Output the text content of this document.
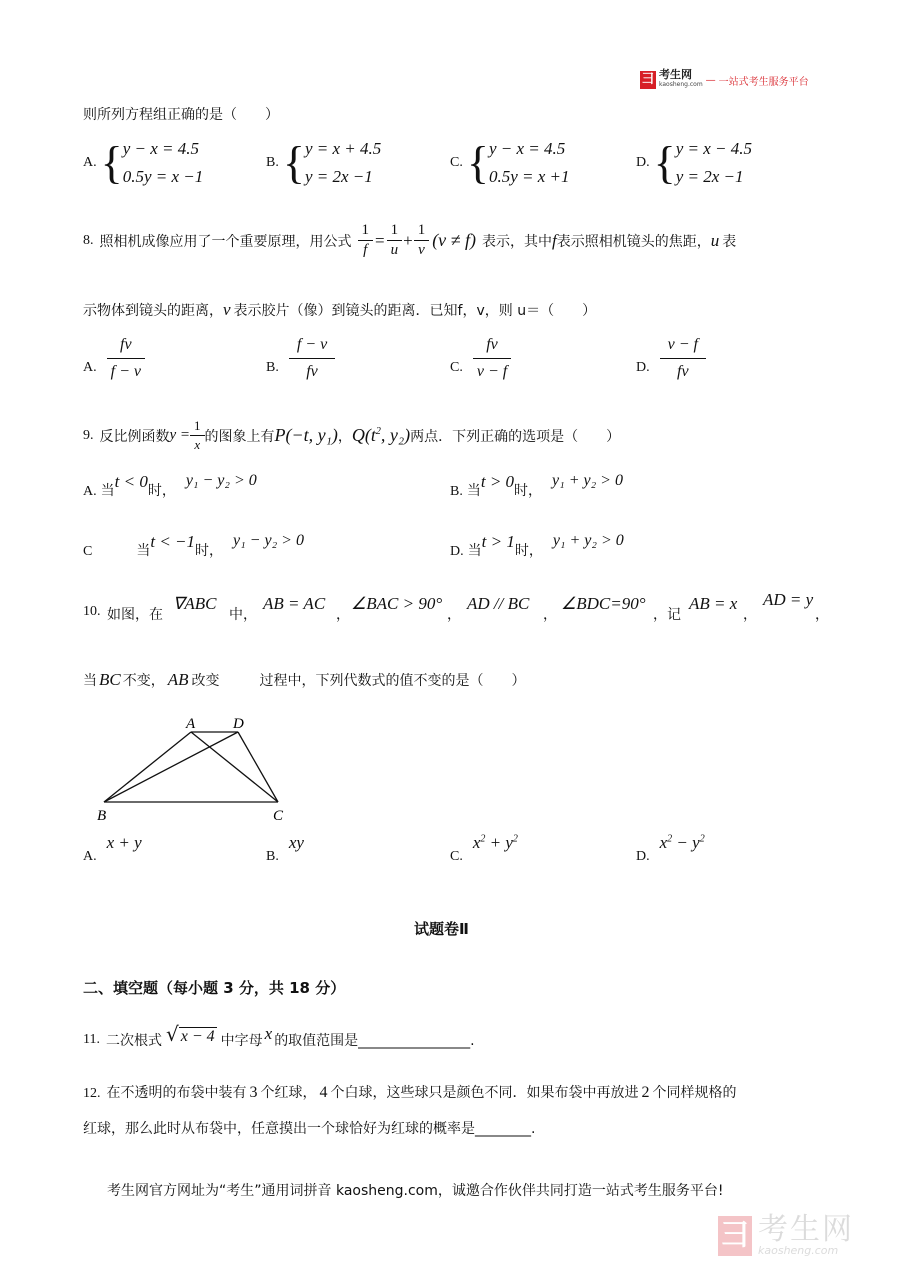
彐 考生网
kaosheng.com — 一站式考生服务平台
则所列方程组正确的是（　　）
A. { y − x = 4.5
0.5y = x −1
B. { y = x + 4.5
y = 2x −1
C. { y − x = 4.5
0.5y = x +1
D. { y = x − 4.5
y = 2x −1
8. 照相机成像应用了一个重要原理，用公式 $\frac{1}{f} = \frac{1}{u} + \frac{1}{v} (v \ne f)$ 表示，其中 f 表示照相机镜头的焦距， u 表
示物体到镜头的距离， v 表示胶片（像）到镜头的距离．已知 f，v，则 u＝（　　）
A. $\frac{fv}{f - v}$	B. $\frac{f - v}{fv}$	C. $\frac{fv}{v - f}$	D. $\frac{v - f}{fv}$
9. 反比例函数 $y = \frac{1}{x}$ 的图象上有 P(−t, y₁) ， $Q(t^2$, y₂) 两点．下列正确的选项是（　　）
A. 当 t < 0 时，
y₁ − y₂ > 0
B. 当 t > 0 时，
y₁ + y₂ > 0
C	当 t < −1 时，
y₁ − y₂ > 0
D. 当 t > 1 时，
y₁ + y₂ > 0
10. 如图，在
∇ABC
中，
AB = AC
，
∠BAC > 90°
，
AD // BC
，
∠BDC=90°
，记
AB = x
，
AD = y
，
当 BC 不变， AB 改变	过程中，下列代数式的值不变的是（　　）
A	D
B	C
A.
x + y
B.
xy
C.
$x^2 + y^2$
D.
$x^2 - y^2$
试题卷Ⅱ
二、填空题（每小题 3 分，共 18 分）
11. 二次根式 √ x − 4 中字母 x 的取值范围是________________.
12. 在不透明的布袋中装有 3 个红球， 4 个白球，这些球只是颜色不同．如果布袋中再放进 2 个同样规格的
红球，那么此时从布袋中，任意摸出一个球恰好为红球的概率是________.
考生网官方网址为“考生”通用词拼音 kaosheng.com，诚邀合作伙伴共同打造一站式考生服务平台!
彐 考生网
kaosheng.com
